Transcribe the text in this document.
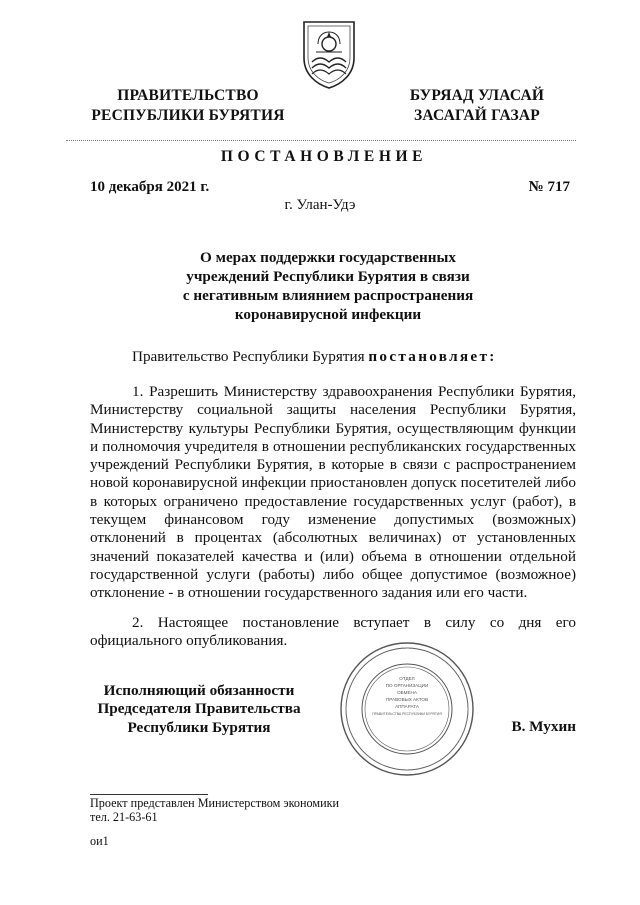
ПРАВИТЕЛЬСТВО
РЕСПУБЛИКИ БУРЯТИЯ
БУРЯАД УЛАСАЙ
ЗАСАГАЙ ГАЗАР
ПОСТАНОВЛЕНИЕ
10 декабря 2021 г.	№ 717
г. Улан-Удэ
О мерах поддержки государственных
учреждений Республики Бурятия в связи
с негативным влиянием распространения
коронавирусной инфекции
Правительство Республики Бурятия постановляет:
1. Разрешить Министерству здравоохранения Республики Бурятия, Министерству социальной защиты населения Республики Бурятия, Министерству культуры Республики Бурятия, осуществляющим функции и полномочия учредителя в отношении республиканских государственных учреждений Республики Бурятия, в которые в связи с распространением новой коронавирусной инфекции приостановлен допуск посетителей либо в которых ограничено предоставление государственных услуг (работ), в текущем финансовом году изменение допустимых (возможных) отклонений в процентах (абсолютных величинах) от установленных значений показателей качества и (или) объема в отношении отдельной государственной услуги (работы) либо общее допустимое (возможное) отклонение - в отношении государственного задания или его части.
2. Настоящее постановление вступает в силу со дня его официального опубликования.
ОТДЕЛ
ПО ОРГАНИЗАЦИИ
ОБМЕНА
ПРАВОВЫХ АКТОВ
АППАРАТА
ПРАВИТЕЛЬСТВА РЕСПУБЛИКИ БУРЯТИЯ
Исполняющий обязанности
Председателя Правительства
Республики Бурятия	В. Мухин
Проект представлен Министерством экономики
тел. 21-63-61
oи1
